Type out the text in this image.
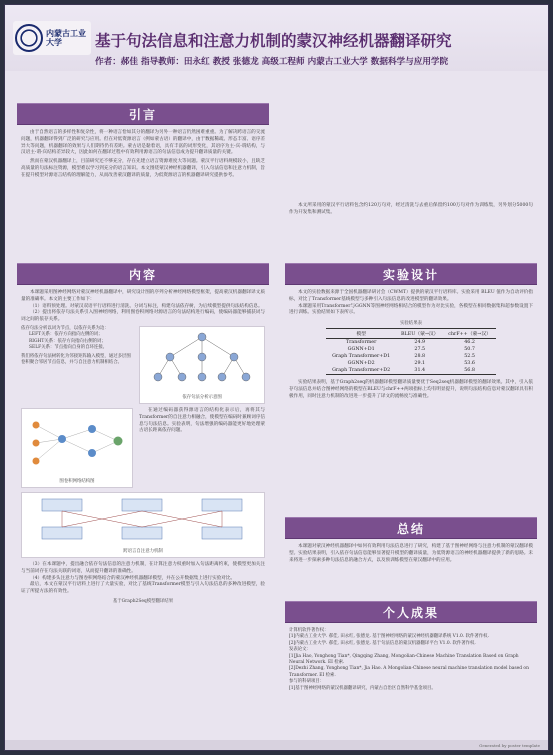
内蒙古工业大学	基于句法信息和注意力机制的蒙汉神经机器翻译研究
作者：郝佳 指导教师：田永红 教授 张德龙 高级工程师 内蒙古工业大学 数据科学与应用学院
引言

由于自然语言的多样性和复杂性，将一种语言恰如其分的翻译为另外一种语言仍然困难重重。为了解决跨语言的交流问题，机器翻译得到广泛的研究与应用。但在对低资源语言（例如蒙古语）的翻译中，由于数据稀疏、形态丰富、语序差异大等问题，机器翻译的效果与人们期待仍有差距。蒙古语是黏着语，具有丰富的词形变化，其语序为主-宾-谓结构，与汉语主-谓-宾结构差异较大，因此如何在翻译过程中有效利用源语言的句法信息成为提升翻译质量的关键。

然而在蒙汉机器翻译上，目前研究还不够充分，存在先建立语言资源难度大等问题。蒙汉平行语料规模较小，且缺乏高质量的句法标注资源，模型难以学习到充分的语言知识。本文围绕蒙汉神经机器翻译，引入句法信息和注意力机制，旨在提升模型对源语言结构的理解能力，从而改善蒙汉翻译的质量，为低资源语言的机器翻译研究提供参考。

内容

本课题采用图神经网络对蒙汉神经机器翻译中，研究设计图的序列分析神经网络模型框架，提高蒙汉机器翻译译文质量的准确率。本文的主要工作如下：

（1）语料预处理。对蒙汉双语平行语料进行清洗、分词与标注，构建句法依存树，为后续模型提供句法结构信息。

（2）提出将依存句法关系引入图神经网络，利用图卷积网络对源语言的句法结构进行编码，使编码器能够捕获词与词之间的依存关系。

依存句法分析以词为节点，以依存关系为边：

LEFT关系：依存方向指向左侧的词；

RIGHT关系：依存方向指向右侧的词；

SELF关系：节点指向自身的自环连接。

我们将依存句法树转化为邻接矩阵输入模型，通过多层图卷积聚合邻居节点信息，并与自注意力机制相结合。

依存句法分析示意图
图卷积网络结构图

在通过编码器获得源语言的结构化表示后，再将其与Transformer的自注意力相融合，使模型在编码时兼顾词序信息与句法信息。实验表明，句法增强的编码器能更好地处理蒙古语长距离依存问题。

跨语言自注意力机制

（3）在本课题中，提出融合依存句法信息的注意力机制，在计算注意力权重时加入句法距离约束，使模型更加关注与当前词存在句法关联的词语，从而提升翻译的准确性。

（4）构建多头注意力与图卷积网络结合的蒙汉神经机器翻译模型，并在公开数据集上进行实验对比。

最后，本文在蒙汉平行语料上进行了大量实验，对比了基线Transformer模型与引入句法信息的多种改进模型，验证了所提方法的有效性。

基于Graph2Seq模型翻译结果

本文所采用的蒙汉平行语料包含约120万句对，经过清洗与去重后保留约100万句对作为训练集，另外划分5000句作为开发集和测试集。

实验设计

本文的实验数据来源于全国机器翻译研讨会（CWMT）提供的蒙汉平行语料库。实验采用 BLEU 值作为自动评价指标，对比了Transformer基线模型与多种引入句法信息的改进模型的翻译效果。

本课题采用Transformer与GGNN等图神经网络相结合的模型作为对比实验，各模型在相同数据集和超参数设置下进行训练。实验结果如下表所示。

实验结果表

模型	BLEU（蒙→汉）	chrF++（蒙→汉）
Transformer	24.9	46.2
GGNN+D1	27.5	50.7
Graph Transformer+D1	28.8	52.5
GGNN+D2	29.1	53.6
Graph Transformer+D2	31.4	56.8

实验结果表明，基于Graph2seq的机器翻译模型翻译质量要优于Seq2seq机器翻译模型的翻译效果。其中，引入依存句法信息并结合图神经网络的模型在BLEU与chrF++两项指标上均有明显提升，说明句法结构信息对蒙汉翻译具有积极作用，同时注意力机制的改进进一步提升了译文的流畅度与准确性。

总结

本课题对蒙汉神经机器翻译中如何有效利用句法信息进行了研究，构建了基于图神经网络与注意力机制的蒙汉翻译模型。实验结果表明，引入依存句法信息能够显著提升模型的翻译质量，为低资源语言的神经机器翻译提供了新的思路。未来将进一步探索多种句法信息的融合方式，以及预训练模型在蒙汉翻译中的应用。

个人成果

计算机软件著作权：

[1]内蒙古工业大学. 郝佳, 田永红, 张德龙. 基于图神经网络的蒙汉神经机器翻译系统 V1.0. 软件著作权.
[2]内蒙古工业大学. 郝佳, 田永红, 张德龙. 基于句法信息的蒙汉机器翻译平台 V1.0. 软件著作权.
发表论文：
[1]Jia Hao, Yonghong Tian*, Qingqing Zhang, Mongolian-Chinese Machine Translation Based on Graph Neural Network. EI 检索.
[2]Dezhi Zhang, Yonghong Tian*, Jia Hao. A Mongolian-Chinese neural machine translation model based on Transformer. EI 检索.
参与的科研项目：
[1]基于图神经网络的蒙汉机器翻译研究，内蒙古自治区自然科学基金项目。
Generated by poster template
